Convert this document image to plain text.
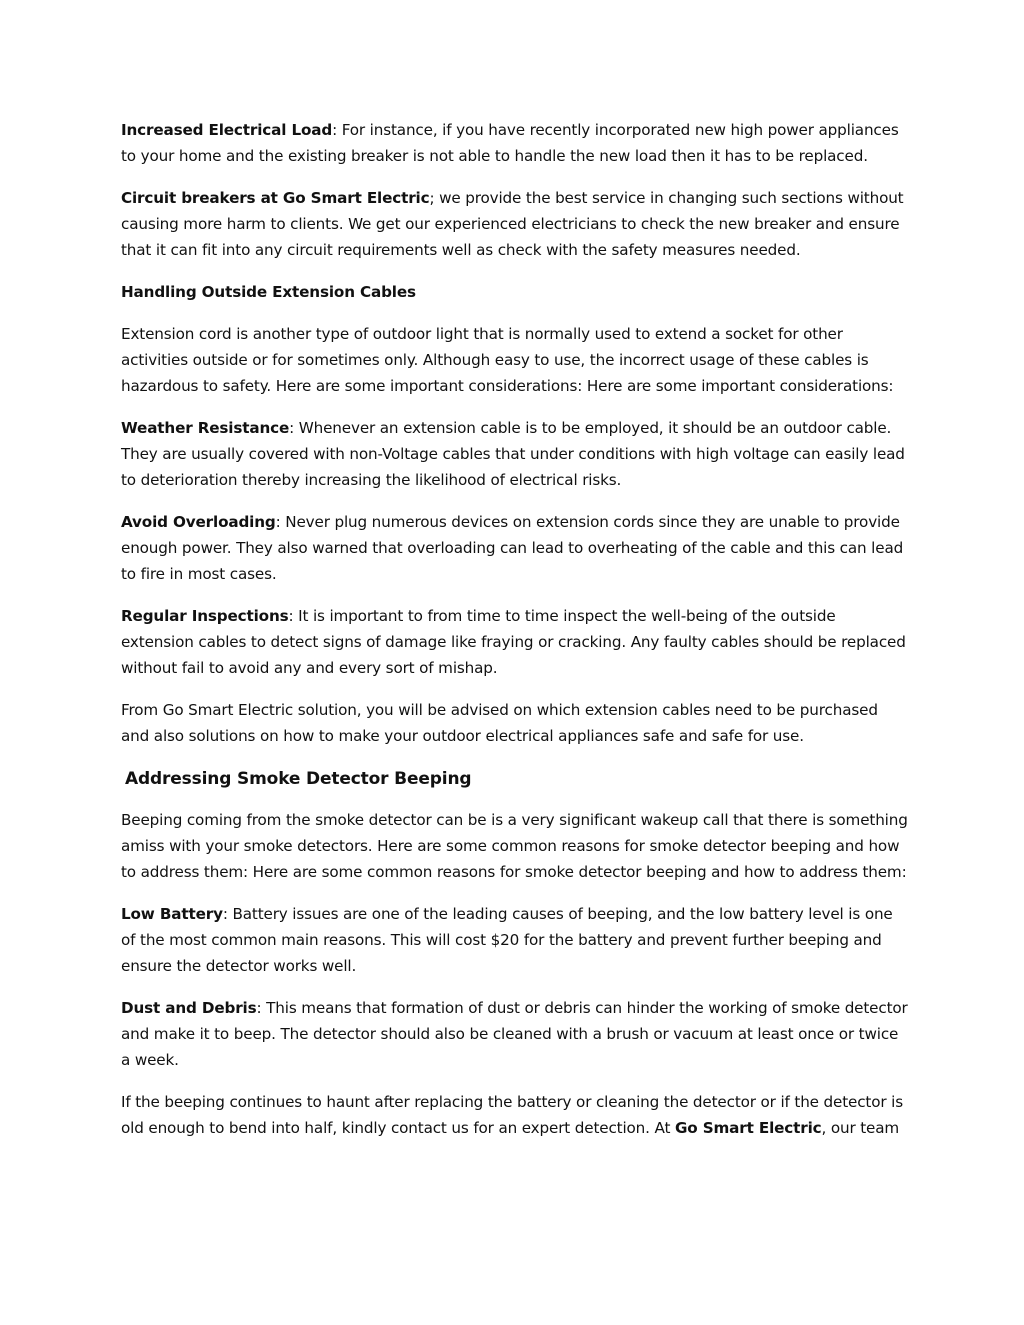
Increased Electrical Load: For instance, if you have recently incorporated new high power appliances to your home and the existing breaker is not able to handle the new load then it has to be replaced.

Circuit breakers at Go Smart Electric; we provide the best service in changing such sections without causing more harm to clients. We get our experienced electricians to check the new breaker and ensure that it can fit into any circuit requirements well as check with the safety measures needed.

Handling Outside Extension Cables

Extension cord is another type of outdoor light that is normally used to extend a socket for other activities outside or for sometimes only. Although easy to use, the incorrect usage of these cables is hazardous to safety. Here are some important considerations: Here are some important considerations:

Weather Resistance: Whenever an extension cable is to be employed, it should be an outdoor cable. They are usually covered with non-Voltage cables that under conditions with high voltage can easily lead to deterioration thereby increasing the likelihood of electrical risks.

Avoid Overloading: Never plug numerous devices on extension cords since they are unable to provide enough power. They also warned that overloading can lead to overheating of the cable and this can lead to fire in most cases.

Regular Inspections: It is important to from time to time inspect the well-being of the outside extension cables to detect signs of damage like fraying or cracking. Any faulty cables should be replaced without fail to avoid any and every sort of mishap.

From Go Smart Electric solution, you will be advised on which extension cables need to be purchased and also solutions on how to make your outdoor electrical appliances safe and safe for use.

Addressing Smoke Detector Beeping

Beeping coming from the smoke detector can be is a very significant wakeup call that there is something amiss with your smoke detectors. Here are some common reasons for smoke detector beeping and how to address them: Here are some common reasons for smoke detector beeping and how to address them:

Low Battery: Battery issues are one of the leading causes of beeping, and the low battery level is one of the most common main reasons. This will cost $20 for the battery and prevent further beeping and ensure the detector works well.

Dust and Debris: This means that formation of dust or debris can hinder the working of smoke detector and make it to beep. The detector should also be cleaned with a brush or vacuum at least once or twice a week.

If the beeping continues to haunt after replacing the battery or cleaning the detector or if the detector is old enough to bend into half, kindly contact us for an expert detection. At Go Smart Electric, our team
